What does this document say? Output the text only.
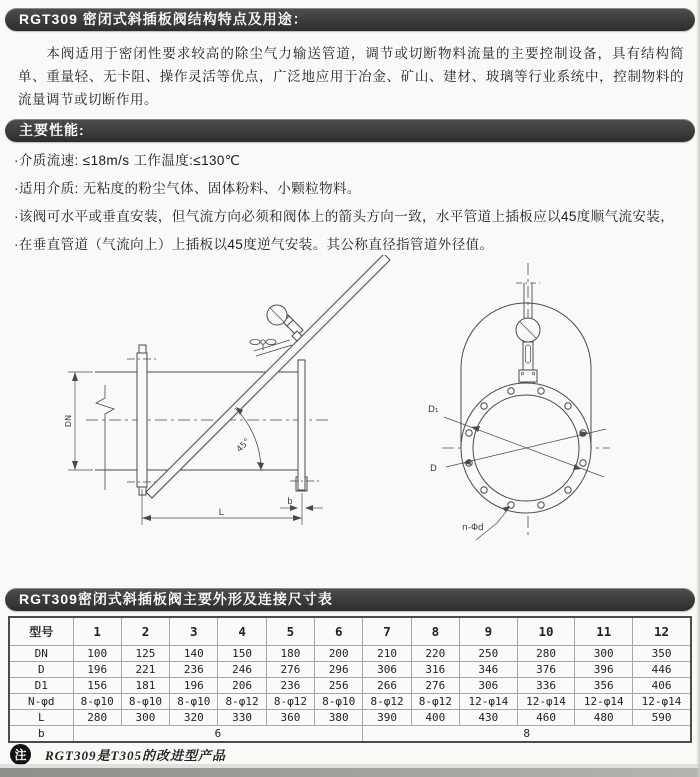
RGT309 密闭式斜插板阀结构特点及用途：
本阀适用于密闭性要求较高的除尘气力输送管道，调节或切断物料流量的主要控制设备，具有结构简单、重量轻、无卡阻、操作灵活等优点，广泛地应用于冶金、矿山、建材、玻璃等行业系统中，控制物料的流量调节或切断作用。
主要性能:
·介质流速: ≤18m/s 工作温度:≤130℃
·适用介质: 无粘度的粉尘气体、固体粉料、小颗粒物料。
·该阀可水平或垂直安装，但气流方向必须和阀体上的箭头方向一致，水平管道上插板应以45度顺气流安装，
·在垂直管道（气流向上）上插板以45度逆气安装。其公称直径指管道外径值。
DN
45°
b
L
D₁
D
n-Φd
RGT309密闭式斜插板阀主要外形及连接尺寸表
型号	1	2	3	4	5	6	7	8	9	10	11	12
DN	100	125	140	150	180	200	210	220	250	280	300	350
D	196	221	236	246	276	296	306	316	346	376	396	446
D1	156	181	196	206	236	256	266	276	306	336	356	406
N-φd	8-φ10	8-φ10	8-φ10	8-φ12	8-φ12	8-φ10	8-φ12	8-φ12	12-φ14	12-φ14	12-φ14	12-φ14
L	280	300	320	330	360	380	390	400	430	460	480	590
b	6						8					
注	RGT309是T305的改进型产品
